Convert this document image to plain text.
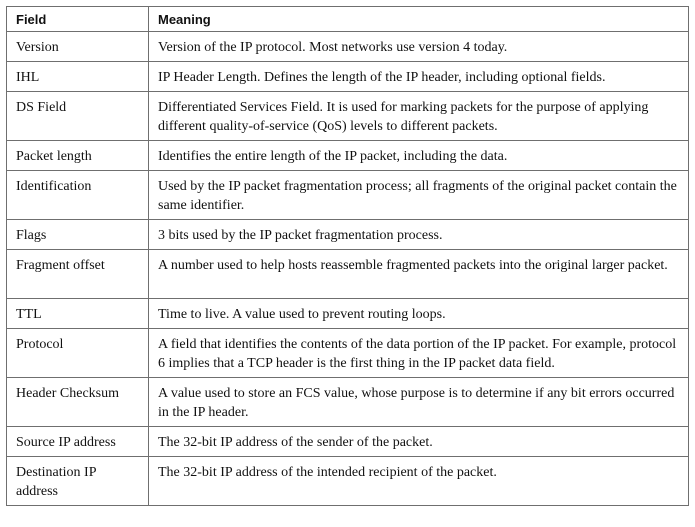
Field	Meaning
Version	Version of the IP protocol. Most networks use version 4 today.
IHL	IP Header Length. Defines the length of the IP header, including optional fields.
DS Field	Differentiated Services Field. It is used for marking packets for the purpose of applying different quality-of-service (QoS) levels to different packets.
Packet length	Identifies the entire length of the IP packet, including the data.
Identification	Used by the IP packet fragmentation process; all fragments of the original packet contain the same identifier.
Flags	3 bits used by the IP packet fragmentation process.
Fragment offset	A number used to help hosts reassemble fragmented packets into the original larger packet.
TTL	Time to live. A value used to prevent routing loops.
Protocol	A field that identifies the contents of the data portion of the IP packet. For example, protocol 6 implies that a TCP header is the first thing in the IP packet data field.
Header Checksum	A value used to store an FCS value, whose purpose is to determine if any bit errors occurred in the IP header.
Source IP address	The 32-bit IP address of the sender of the packet.
Destination IP address	The 32-bit IP address of the intended recipient of the packet.
